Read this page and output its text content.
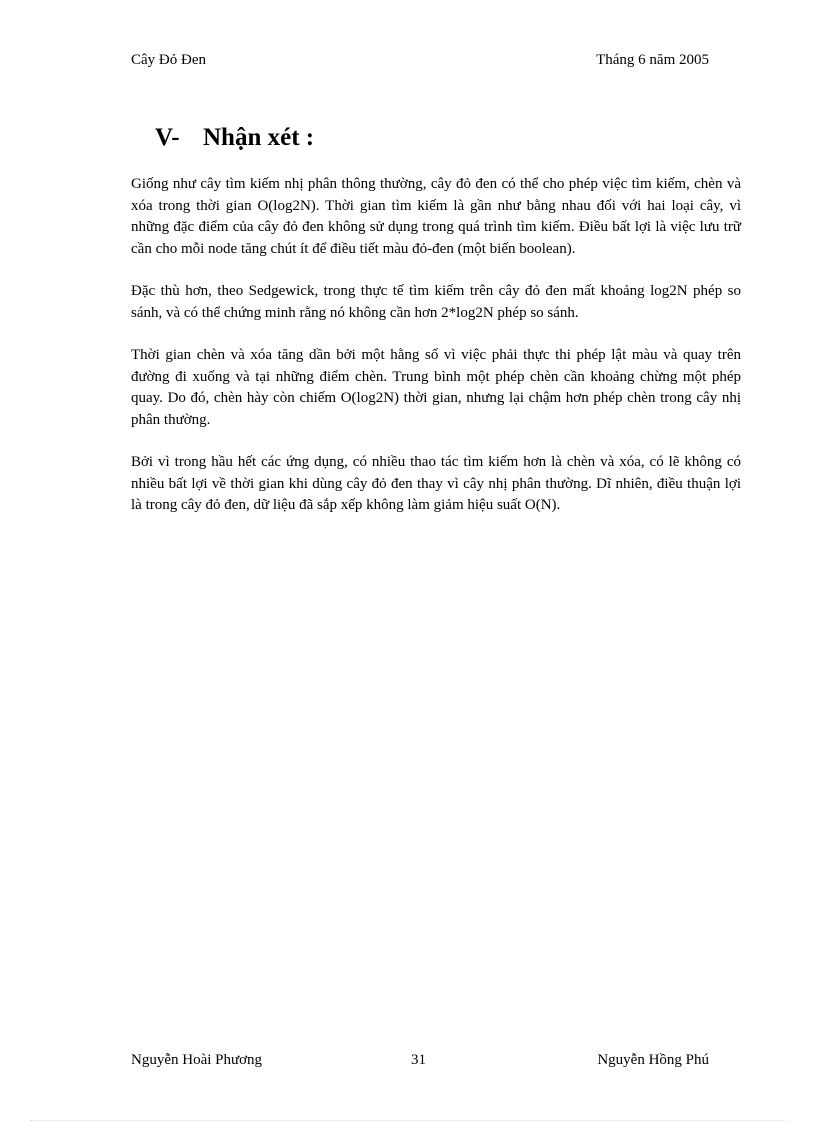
Cây Đỏ Đen	Tháng 6 năm 2005
V- Nhận xét :

Giống như cây tìm kiếm nhị phân thông thường, cây đỏ đen có thể cho phép việc tìm kiếm, chèn và xóa trong thời gian O(log2N). Thời gian tìm kiếm là gần như bằng nhau đối với hai loại cây, vì những đặc điểm của cây đỏ đen không sử dụng trong quá trình tìm kiếm. Điều bất lợi là việc lưu trữ cần cho mỗi node tăng chút ít để điều tiết màu đỏ-đen (một biến boolean).

Đặc thù hơn, theo Sedgewick, trong thực tế tìm kiếm trên cây đỏ đen mất khoảng log2N phép so sánh, và có thể chứng minh rằng nó không cần hơn 2*log2N phép so sánh.

Thời gian chèn và xóa tăng dần bởi một hằng số vì việc phải thực thi phép lật màu và quay trên đường đi xuống và tại những điểm chèn. Trung bình một phép chèn cần khoảng chừng một phép quay. Do đó, chèn hày còn chiếm O(log2N) thời gian, nhưng lại chậm hơn phép chèn trong cây nhị phân thường.

Bởi vì trong hầu hết các ứng dụng, có nhiều thao tác tìm kiếm hơn là chèn và xóa, có lẽ không có nhiều bất lợi về thời gian khi dùng cây đỏ đen thay vì cây nhị phân thường. Dĩ nhiên, điều thuận lợi là trong cây đỏ đen, dữ liệu đã sắp xếp không làm giảm hiệu suất O(N).

Nguyễn Hoài Phương	31	Nguyễn Hồng Phú
